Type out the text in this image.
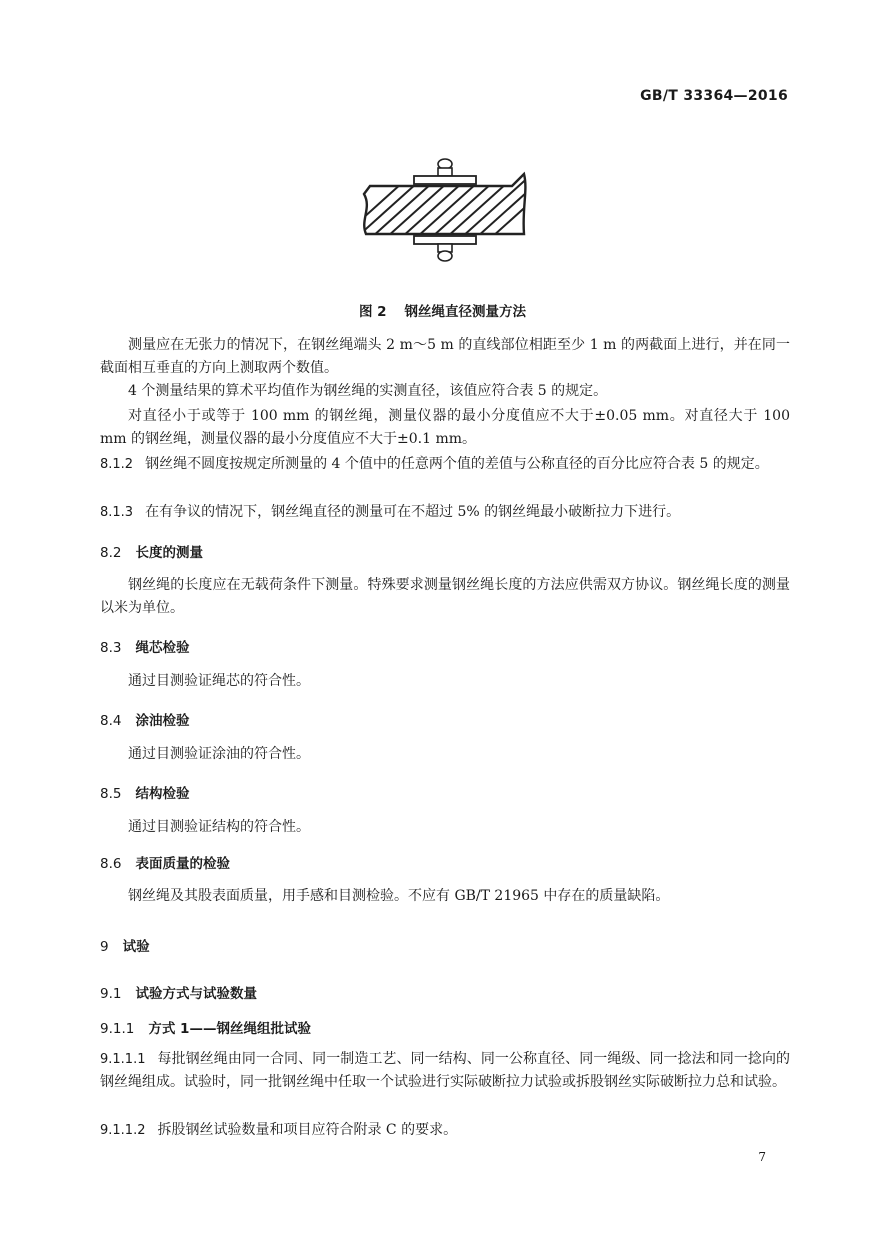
GB/T 33364—2016
图 2 钢丝绳直径测量方法
测量应在无张力的情况下，在钢丝绳端头 2 m～5 m 的直线部位相距至少 1 m 的两截面上进行，并在同一截面相互垂直的方向上测取两个数值。
4 个测量结果的算术平均值作为钢丝绳的实测直径，该值应符合表 5 的规定。
对直径小于或等于 100 mm 的钢丝绳，测量仪器的最小分度值应不大于±0.05 mm。对直径大于 100 mm 的钢丝绳，测量仪器的最小分度值应不大于±0.1 mm。
8.1.2 钢丝绳不圆度按规定所测量的 4 个值中的任意两个值的差值与公称直径的百分比应符合表 5 的规定。
8.1.3 在有争议的情况下，钢丝绳直径的测量可在不超过 5% 的钢丝绳最小破断拉力下进行。
8.2 长度的测量
钢丝绳的长度应在无载荷条件下测量。特殊要求测量钢丝绳长度的方法应供需双方协议。钢丝绳长度的测量以米为单位。
8.3 绳芯检验
通过目测验证绳芯的符合性。
8.4 涂油检验
通过目测验证涂油的符合性。
8.5 结构检验
通过目测验证结构的符合性。
8.6 表面质量的检验
钢丝绳及其股表面质量，用手感和目测检验。不应有 GB/T 21965 中存在的质量缺陷。
9 试验
9.1 试验方式与试验数量
9.1.1 方式 1——钢丝绳组批试验
9.1.1.1 每批钢丝绳由同一合同、同一制造工艺、同一结构、同一公称直径、同一绳级、同一捻法和同一捻向的钢丝绳组成。试验时，同一批钢丝绳中任取一个试验进行实际破断拉力试验或拆股钢丝实际破断拉力总和试验。
9.1.1.2 拆股钢丝试验数量和项目应符合附录 C 的要求。
7
